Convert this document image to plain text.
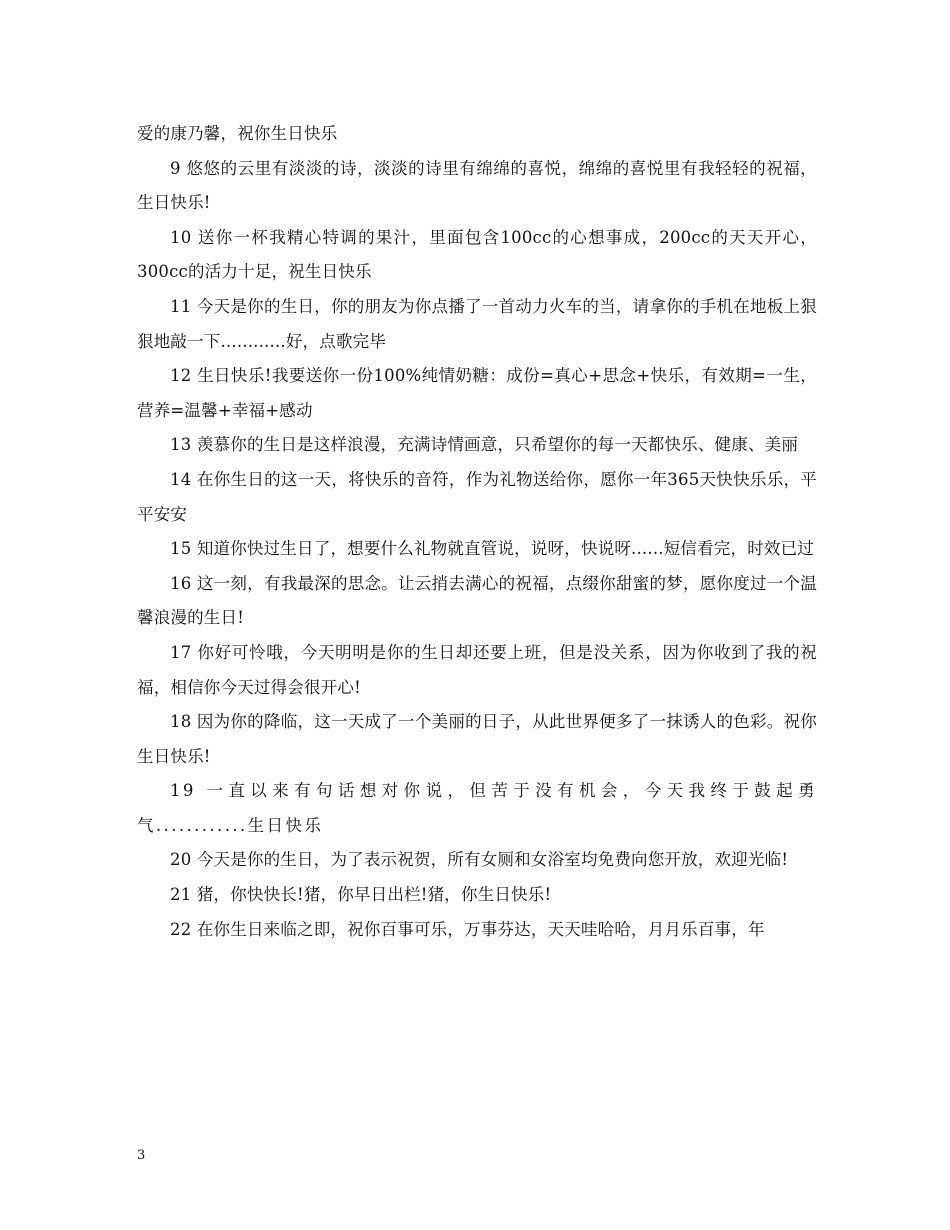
爱的康乃馨，祝你生日快乐

9 悠悠的云里有淡淡的诗，淡淡的诗里有绵绵的喜悦，绵绵的喜悦里有我轻轻的祝福，生日快乐!

10 送你一杯我精心特调的果汁，里面包含100cc的心想事成，200cc的天天开心，300cc的活力十足，祝生日快乐

11 今天是你的生日，你的朋友为你点播了一首动力火车的当，请拿你的手机在地板上狠狠地敲一下............好，点歌完毕

12 生日快乐!我要送你一份100%纯情奶糖：成份=真心+思念+快乐，有效期=一生，营养=温馨+幸福+感动

13 羡慕你的生日是这样浪漫，充满诗情画意，只希望你的每一天都快乐、健康、美丽

14 在你生日的这一天，将快乐的音符，作为礼物送给你，愿你一年365天快快乐乐，平平安安

15 知道你快过生日了，想要什么礼物就直管说，说呀，快说呀......短信看完，时效已过

16 这一刻，有我最深的思念。让云捎去满心的祝福，点缀你甜蜜的梦，愿你度过一个温馨浪漫的生日!

17 你好可怜哦，今天明明是你的生日却还要上班，但是没关系，因为你收到了我的祝福，相信你今天过得会很开心!

18 因为你的降临，这一天成了一个美丽的日子，从此世界便多了一抹诱人的色彩。祝你生日快乐!

19 一直以来有句话想对你说，但苦于没有机会，今天我终于鼓起勇气............生日快乐

20 今天是你的生日，为了表示祝贺，所有女厕和女浴室均免费向您开放，欢迎光临!

21 猪，你快快长!猪，你早日出栏!猪，你生日快乐!

22 在你生日来临之即，祝你百事可乐，万事芬达，天天哇哈哈，月月乐百事，年

3
